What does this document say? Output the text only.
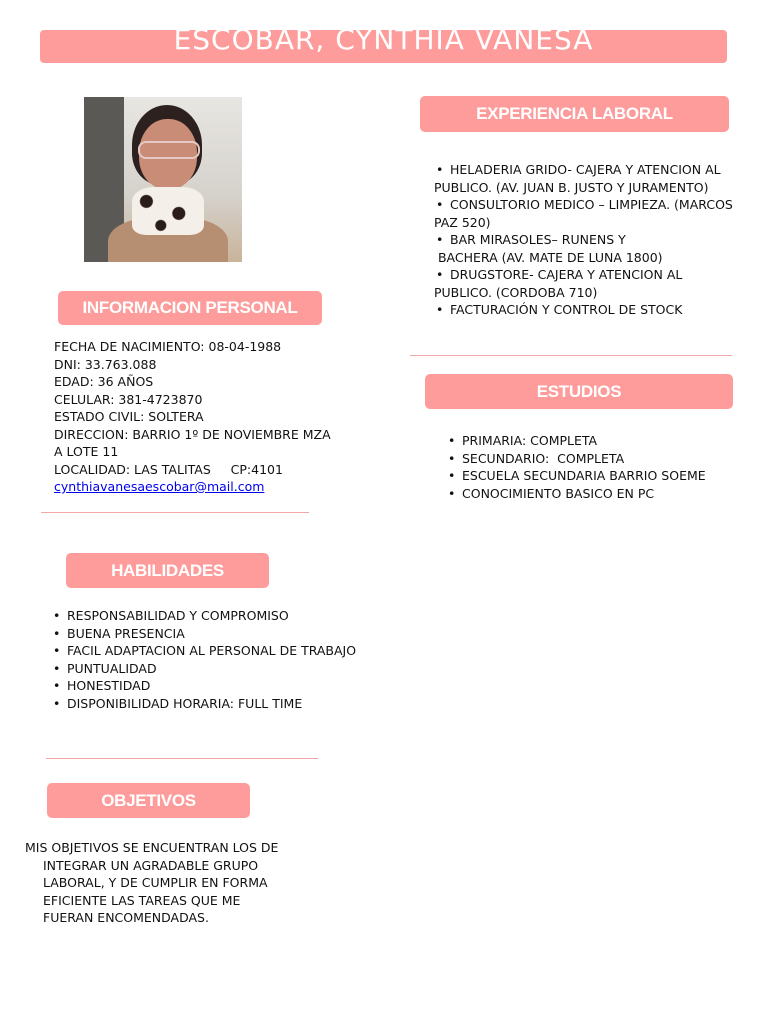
ESCOBAR, CYNTHIA VANESA
EXPERIENCIA LABORAL
• HELADERIA GRIDO- CAJERA Y ATENCION AL
PUBLICO. (AV. JUAN B. JUSTO Y JURAMENTO)
• CONSULTORIO MEDICO – LIMPIEZA. (MARCOS
PAZ 520)
• BAR MIRASOLES– RUNENS Y
BACHERA (AV. MATE DE LUNA 1800)
• DRUGSTORE- CAJERA Y ATENCION AL
PUBLICO. (CORDOBA 710)
• FACTURACIÓN Y CONTROL DE STOCK
ESTUDIOS
• PRIMARIA: COMPLETA
• SECUNDARIO:  COMPLETA
• ESCUELA SECUNDARIA BARRIO SOEME
• CONOCIMIENTO BASICO EN PC
INFORMACION PERSONAL
FECHA DE NACIMIENTO: 08-04-1988
DNI: 33.763.088
EDAD: 36 AÑOS
CELULAR: 381-4723870
ESTADO CIVIL: SOLTERA
DIRECCION: BARRIO 1º DE NOVIEMBRE MZA
A LOTE 11
LOCALIDAD: LAS TALITAS     CP:4101
cynthiavanesaescobar@mail.com
HABILIDADES
• RESPONSABILIDAD Y COMPROMISO
• BUENA PRESENCIA
• FACIL ADAPTACION AL PERSONAL DE TRABAJO
• PUNTUALIDAD
• HONESTIDAD
• DISPONIBILIDAD HORARIA: FULL TIME
OBJETIVOS
MIS OBJETIVOS SE ENCUENTRAN LOS DE
INTEGRAR UN AGRADABLE GRUPO
LABORAL, Y DE CUMPLIR EN FORMA
EFICIENTE LAS TAREAS QUE ME
FUERAN ENCOMENDADAS.
